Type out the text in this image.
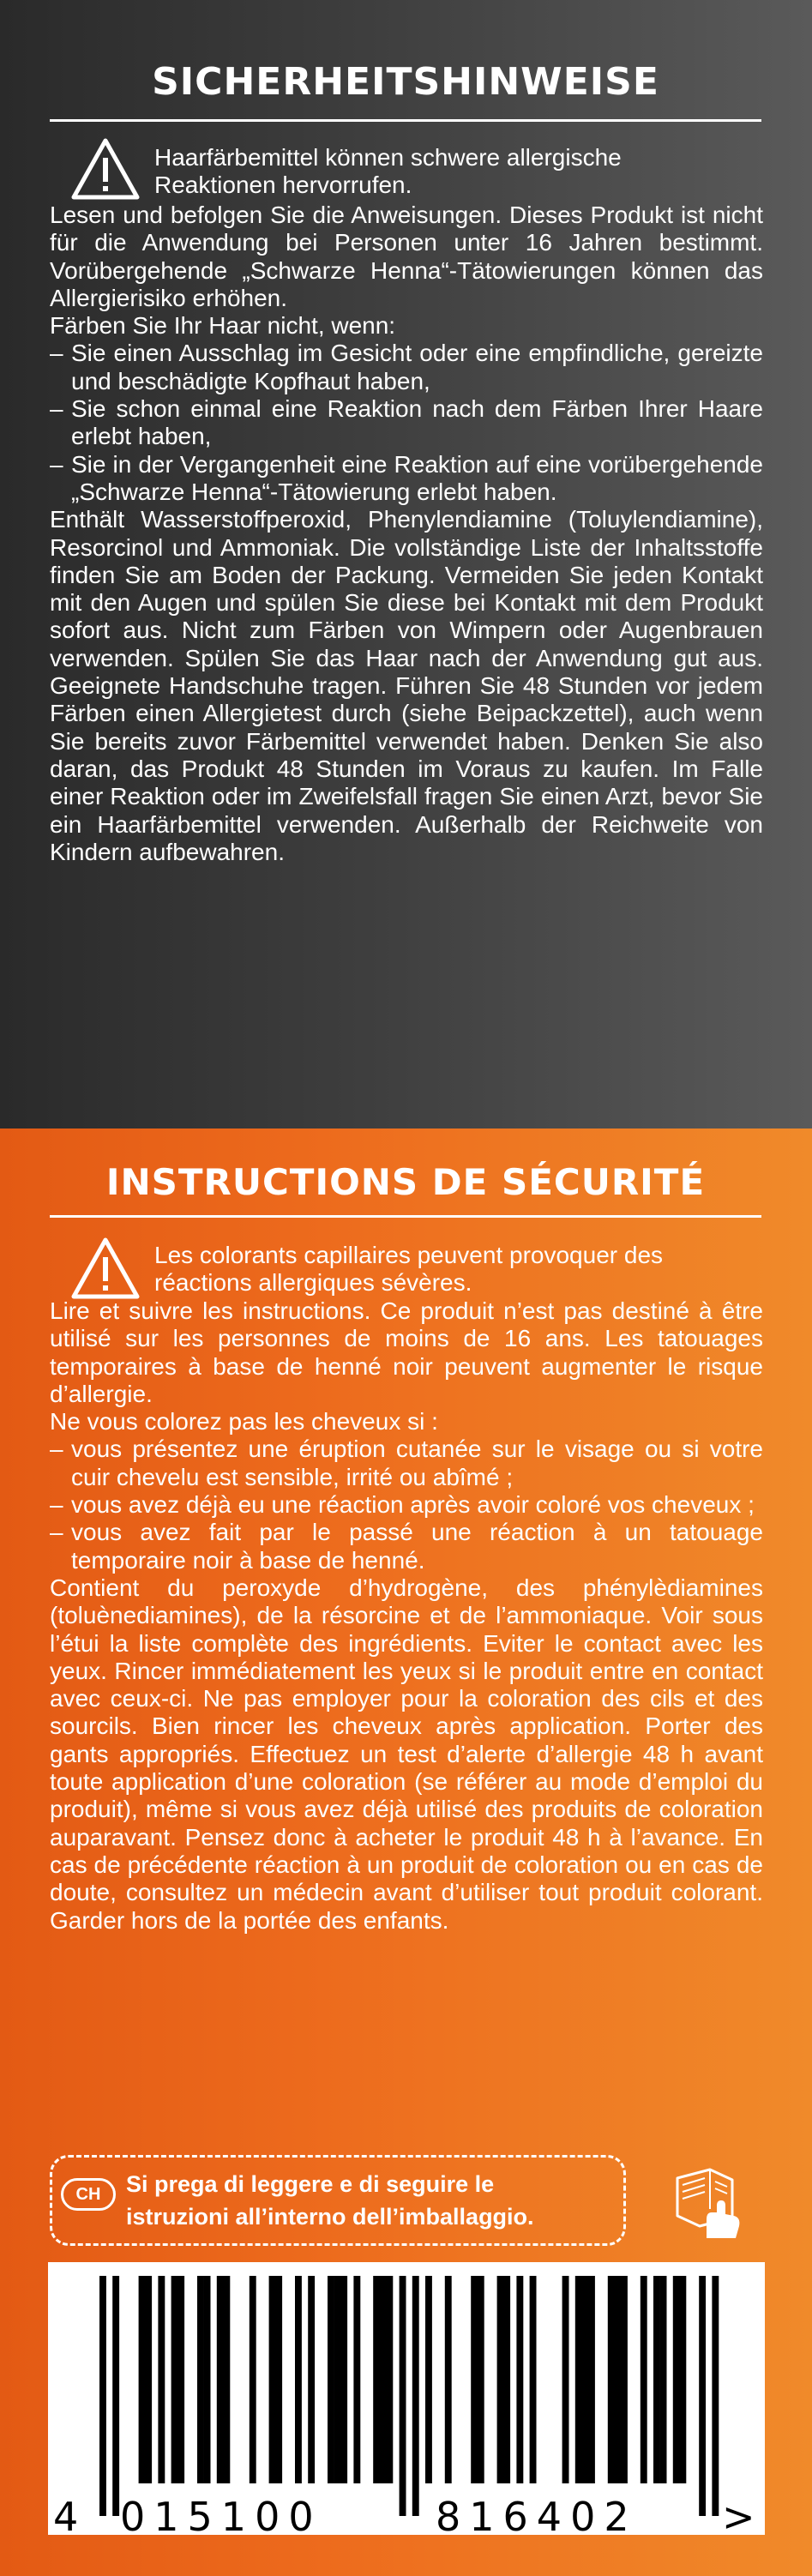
SICHERHEITSHINWEISE
Haarfärbemittel können schwere allergische Reaktionen hervorrufen.

Lesen und befolgen Sie die Anweisungen. Dieses Produkt ist nicht für die Anwendung bei Personen unter 16 Jahren bestimmt. Vorübergehende „Schwarze Henna“-Tätowierungen können das Allergierisiko erhöhen.

Färben Sie Ihr Haar nicht, wenn:

– Sie einen Ausschlag im Gesicht oder eine empfindliche, gereizte und beschädigte Kopfhaut haben,
– Sie schon einmal eine Reaktion nach dem Färben Ihrer Haare erlebt haben,
– Sie in der Vergangenheit eine Reaktion auf eine vorübergehende „Schwarze Henna“-Tätowierung erlebt haben.

Enthält Wasserstoffperoxid, Phenylendiamine (Toluylendiamine), Resorcinol und Ammoniak. Die vollständige Liste der Inhaltsstoffe finden Sie am Boden der Packung. Vermeiden Sie jeden Kontakt mit den Augen und spülen Sie diese bei Kontakt mit dem Produkt sofort aus. Nicht zum Färben von Wimpern oder Augenbrauen verwenden. Spülen Sie das Haar nach der Anwendung gut aus. Geeignete Handschuhe tragen. Führen Sie 48 Stunden vor jedem Färben einen Allergietest durch (siehe Beipackzettel), auch wenn Sie bereits zuvor Färbemittel verwendet haben. Denken Sie also daran, das Produkt 48 Stunden im Voraus zu kaufen. Im Falle einer Reaktion oder im Zweifelsfall fragen Sie einen Arzt, bevor Sie ein Haarfärbemittel verwenden. Außerhalb der Reichweite von Kindern aufbewahren.

INSTRUCTIONS DE SÉCURITÉ
Les colorants capillaires peuvent provoquer des réactions allergiques sévères.

Lire et suivre les instructions. Ce produit n’est pas destiné à être utilisé sur les personnes de moins de 16 ans. Les tatouages temporaires à base de henné noir peuvent augmenter le risque d’allergie.

Ne vous colorez pas les cheveux si :

– vous présentez une éruption cutanée sur le visage ou si votre cuir chevelu est sensible, irrité ou abîmé ;
– vous avez déjà eu une réaction après avoir coloré vos cheveux ;
– vous avez fait par le passé une réaction à un tatouage temporaire noir à base de henné.

Contient du peroxyde d’hydrogène, des phénylèdiamines (toluènediamines), de la résorcine et de l’ammoniaque. Voir sous l’étui la liste complète des ingrédients. Eviter le contact avec les yeux. Rincer immédiatement les yeux si le produit entre en contact avec ceux-ci. Ne pas employer pour la coloration des cils et des sourcils. Bien rincer les cheveux après application. Porter des gants appropriés. Effectuez un test d’alerte d’allergie 48 h avant toute application d’une coloration (se référer au mode d’emploi du produit), même si vous avez déjà utilisé des produits de coloration auparavant. Pensez donc à acheter le produit 48 h à l’avance. En cas de précédente réaction à un produit de coloration ou en cas de doute, consultez un médecin avant d’utiliser tout produit colorant. Garder hors de la portée des enfants.

CH	Si prega di leggere e di seguire le
istruzioni all’interno dell’imballaggio.
4 015100	816402 >
